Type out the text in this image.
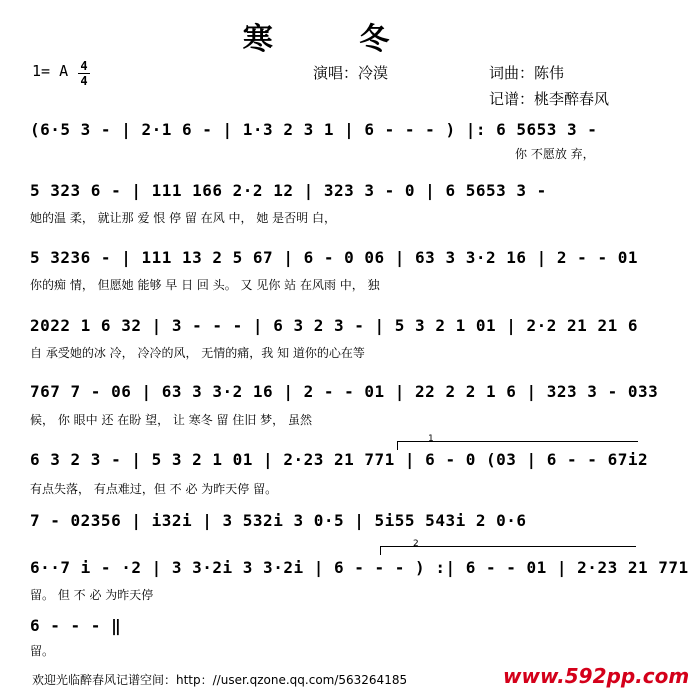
寒 冬
1= A 4
4	演唱：冷漠	词曲：陈伟
记谱：桃李醉春风
(6·5 3 - | 2·1 6 - | 1·3 2 3 1 | 6 - - - ) |: 6 5653 3 -
你 不愿放 弃，
5 323 6 - | 111 166 2·2 12 | 323 3 - 0 | 6 5653 3 -
她的温 柔， 就让那 爱 恨 停 留 在风 中， 她 是否明 白，
5 3236 - | 111 13 2 5 67 | 6 - 0 06 | 63 3 3·2 16 | 2 - - 01
你的痴 情， 但愿她 能够 早 日 回 头。 又 见你 站 在风雨 中， 独
2022 1 6 32 | 3 - - - | 6 3 2 3 - | 5 3 2 1 01 | 2·2 21 21 6
自 承受她的冰 冷， 冷冷的风， 无情的痛，我 知 道你的心在等
767 7 - 06 | 63 3 3·2 16 | 2 - - 01 | 22 2 2 1 6 | 323 3 - 033
候， 你 眼中 还 在盼 望， 让 寒冬 留 住旧 梦， 虽然
1
6 3 2 3 - | 5 3 2 1 01 | 2·23 21 771 | 6 - 0 (03 | 6 - - 67i2
有点失落， 有点难过，但 不 必 为昨天停 留。
7 - 02356 | i32i | 3 532i 3 0·5 | 5i55 543i 2 0·6
2
6··7 i - ·2 | 3 3·2i 3 3·2i | 6 - - - ) :| 6 - - 01 | 2·23 21 771
留。 但 不 必 为昨天停
6 - - - ‖
留。
欢迎光临醉春风记谱空间：http：//user.qzone.qq.com/563264185	www.592pp.com
